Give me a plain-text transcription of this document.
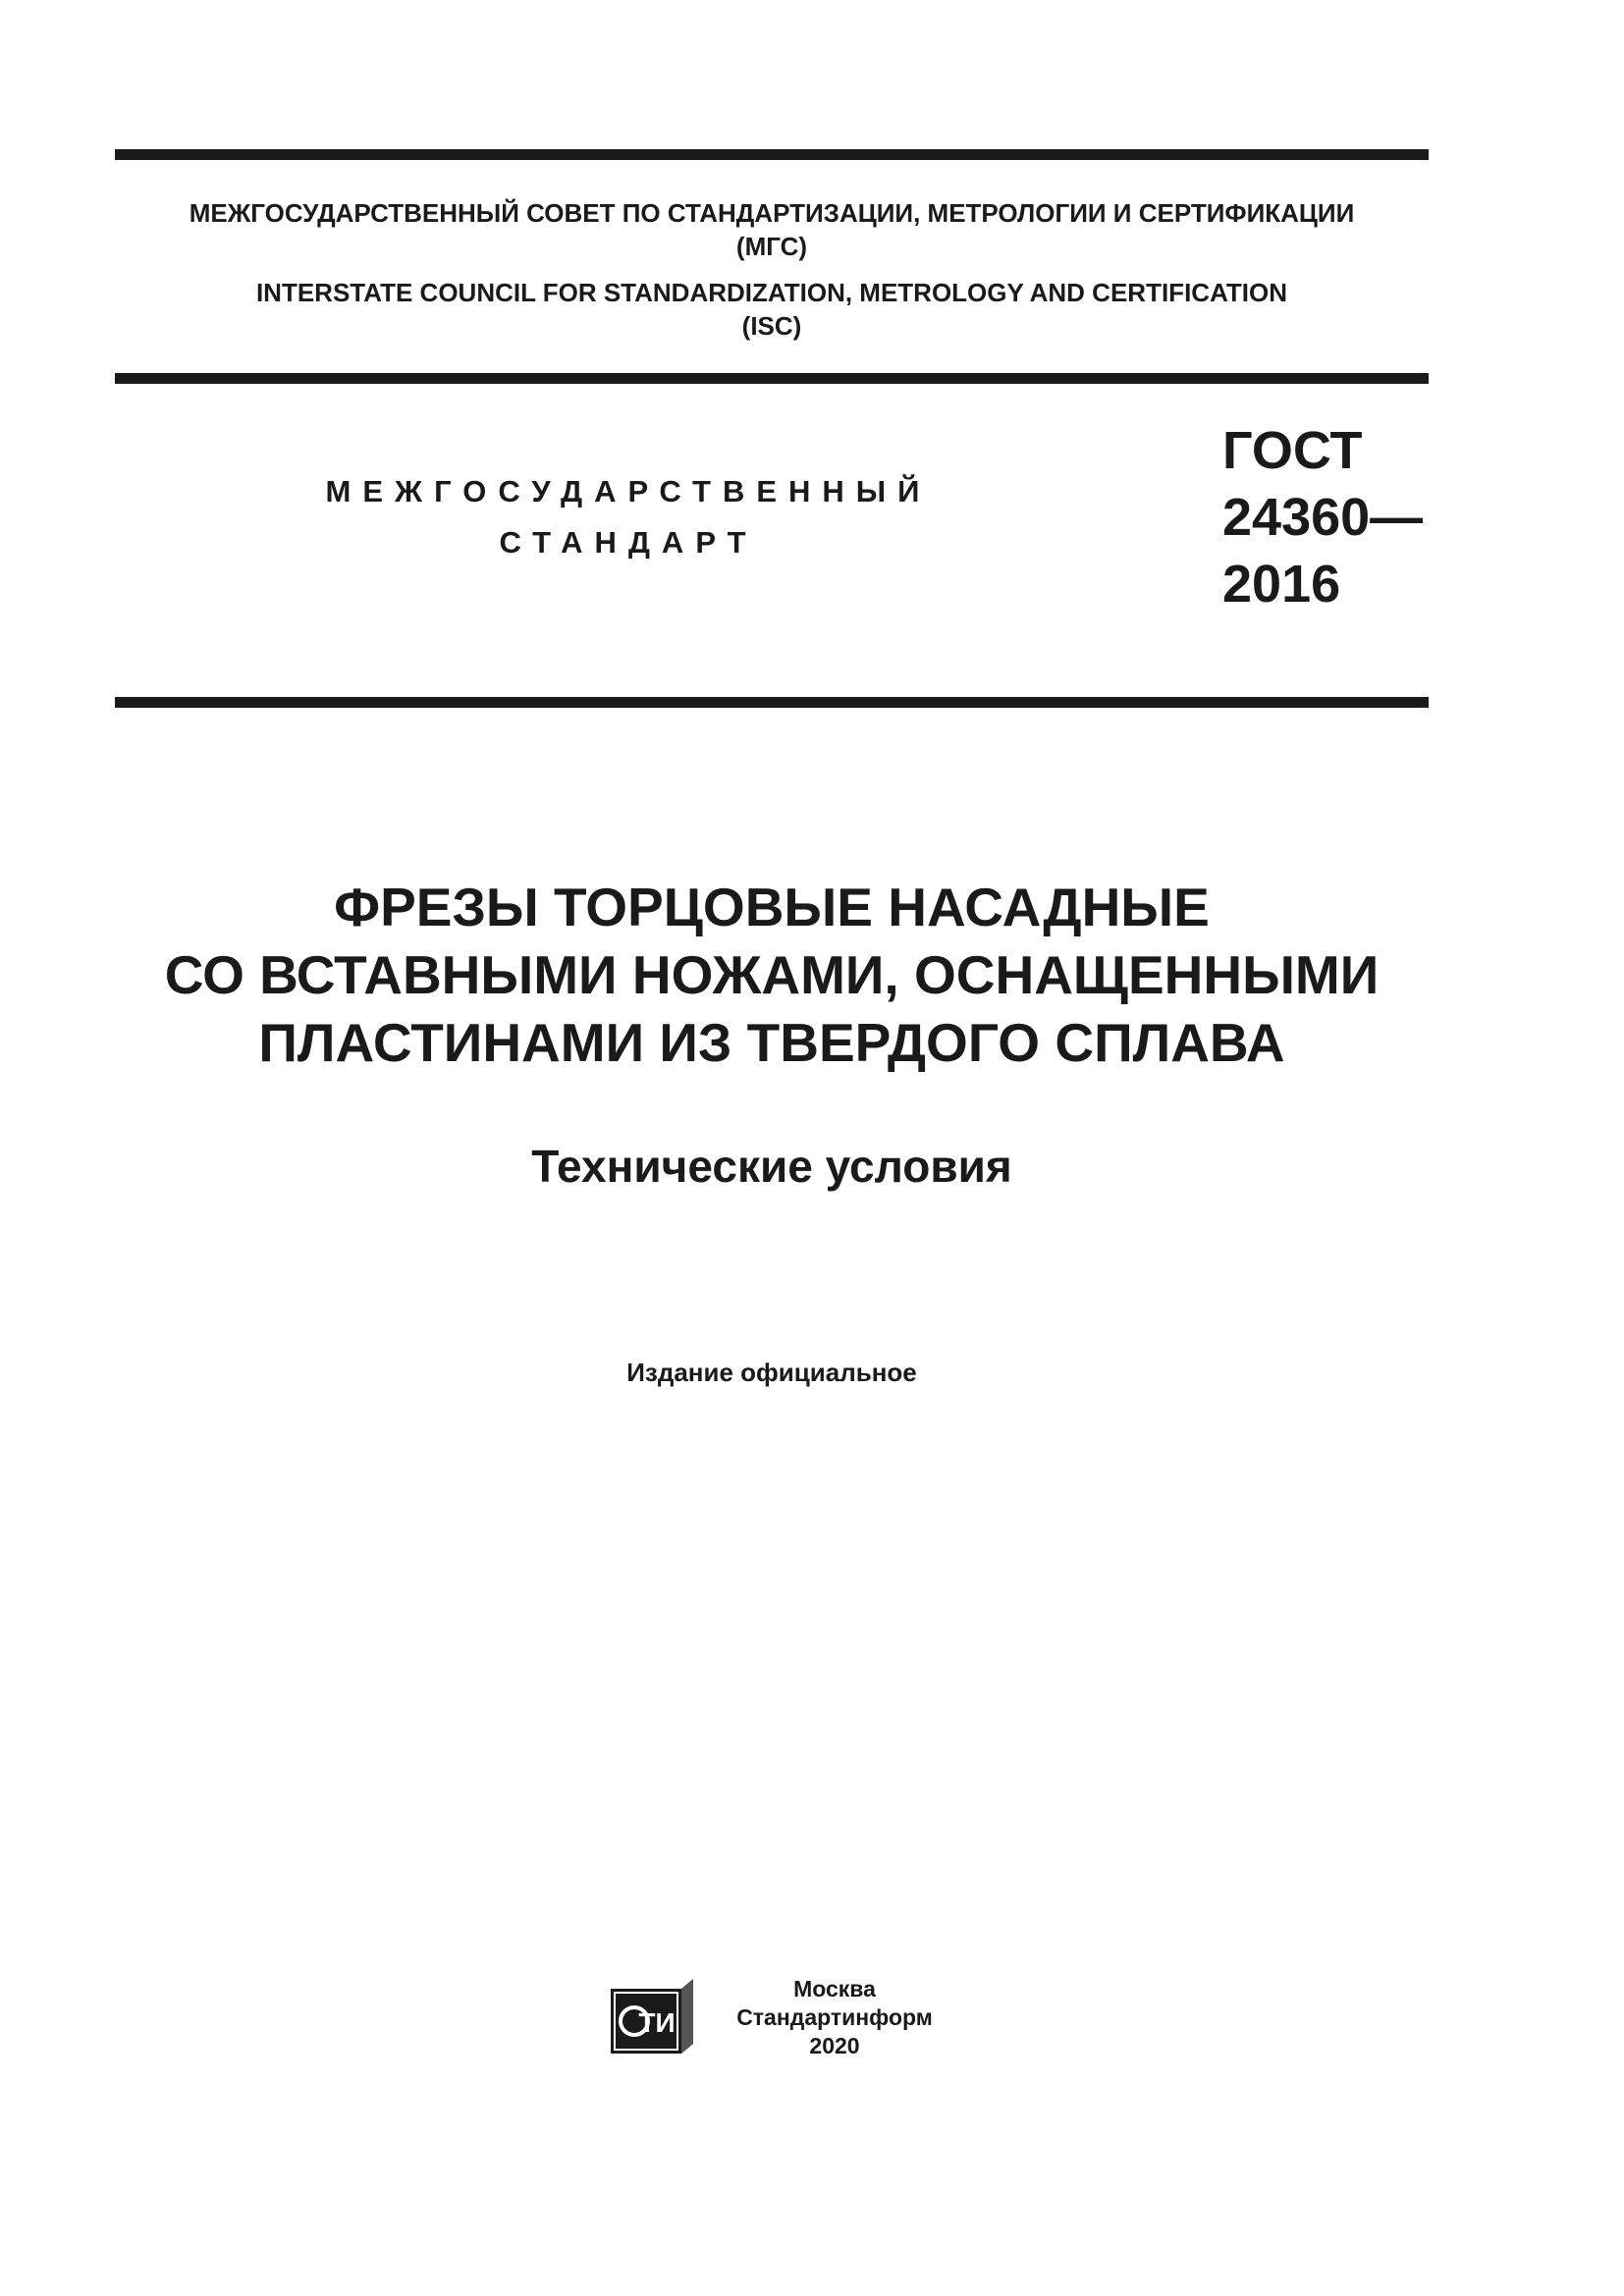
МЕЖГОСУДАРСТВЕННЫЙ СОВЕТ ПО СТАНДАРТИЗАЦИИ, МЕТРОЛОГИИ И СЕРТИФИКАЦИИ
(МГС)
INTERSTATE COUNCIL FOR STANDARDIZATION, METROLOGY AND CERTIFICATION
(ISC)
МЕЖГОСУДАРСТВЕННЫЙ
СТАНДАРТ
ГОСТ
24360—
2016
ФРЕЗЫ ТОРЦОВЫЕ НАСАДНЫЕ
СО ВСТАВНЫМИ НОЖАМИ, ОСНАЩЕННЫМИ
ПЛАСТИНАМИ ИЗ ТВЕРДОГО СПЛАВА
Технические условия
Издание официальное
ТИ
Москва
Стандартинформ
2020
